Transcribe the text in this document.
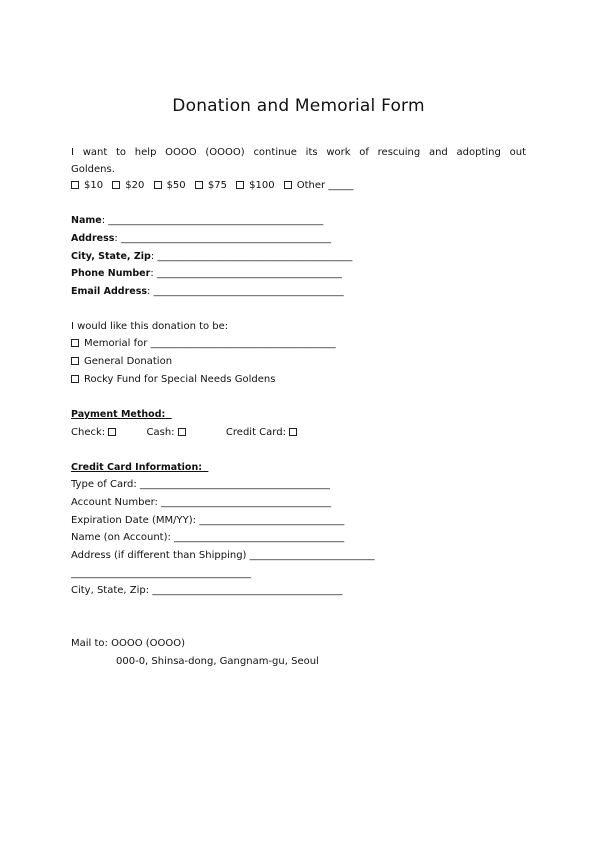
Donation and Memorial Form
I want to help OOOO (OOOO) continue its work of rescuing and adopting out Goldens.
$10 $20 $50 $75 $100 Other _____
Name: ___________________________________________
Address: __________________________________________
City, State, Zip: _______________________________________
Phone Number: _____________________________________
Email Address: ______________________________________
I would like this donation to be:
Memorial for _____________________________________
General Donation
Rocky Fund for Special Needs Goldens
Payment Method:
Check:	Cash:	Credit Card:
Credit Card Information:
Type of Card: ______________________________________
Account Number: __________________________________
Expiration Date (MM/YY): _____________________________
Name (on Account): __________________________________
Address (if different than Shipping) _________________________
____________________________________
City, State, Zip: ______________________________________
Mail to: OOOO (OOOO)
000-0, Shinsa-dong, Gangnam-gu, Seoul
